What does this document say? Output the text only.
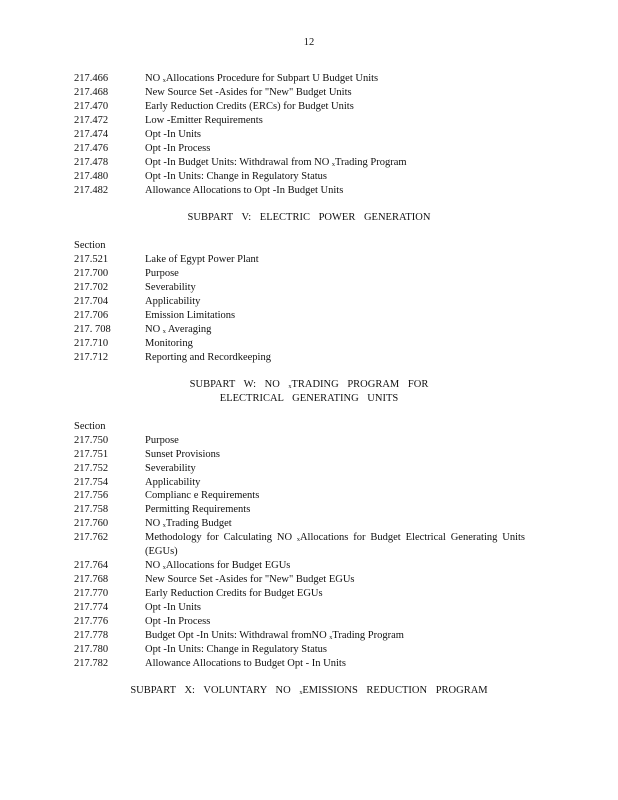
12
217.466	NO ₓAllocations Procedure for Subpart U Budget Units
217.468	New Source Set -Asides for "New" Budget Units
217.470	Early Reduction Credits (ERCs) for Budget Units
217.472	Low -Emitter Requirements
217.474	Opt -In Units
217.476	Opt -In Process
217.478	Opt -In Budget Units: Withdrawal from NO ₓTrading Program
217.480	Opt -In Units: Change in Regulatory Status
217.482	Allowance Allocations to Opt -In Budget Units
SUBPART V: ELECTRIC POWER GENERATION
Section
217.521	Lake of Egypt Power Plant
217.700	Purpose
217.702	Severability
217.704	Applicability
217.706	Emission Limitations
217. 708	NO ₓ Averaging
217.710	Monitoring
217.712	Reporting and Recordkeeping
SUBPART W: NO ₓTRADING PROGRAM FOR
ELECTRICAL GENERATING UNITS
Section
217.750	Purpose
217.751	Sunset Provisions
217.752	Severability
217.754	Applicability
217.756	Complianc e Requirements
217.758	Permitting Requirements
217.760	NO ₓTrading Budget
217.762	Methodology for Calculating NO ₓAllocations for Budget Electrical Generating Units (EGUs)
217.764	NO ₓAllocations for Budget EGUs
217.768	New Source Set -Asides for "New" Budget EGUs
217.770	Early Reduction Credits for Budget EGUs
217.774	Opt -In Units
217.776	Opt -In Process
217.778	Budget Opt -In Units: Withdrawal fromNO ₓTrading Program
217.780	Opt -In Units: Change in Regulatory Status
217.782	Allowance Allocations to Budget Opt - In Units
SUBPART X: VOLUNTARY NO ₓEMISSIONS REDUCTION PROGRAM
